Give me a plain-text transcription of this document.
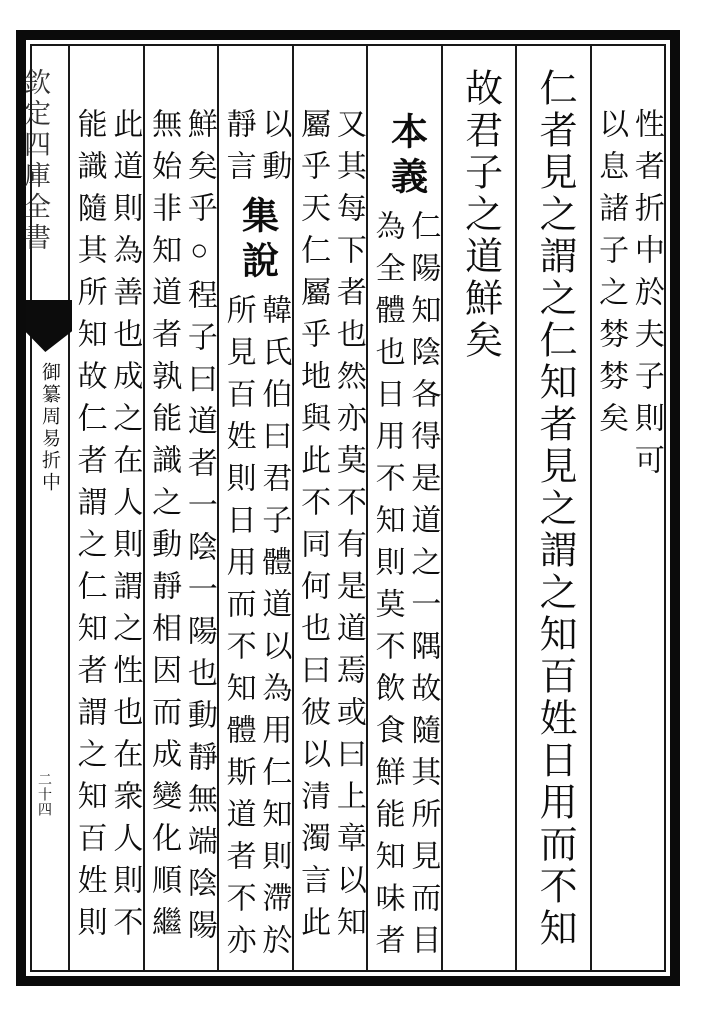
欽定四庫全書
御纂周易折中
二十四
性者折中於夫子則可
以息諸子之棼棼矣
仁者見之謂之仁知者見之謂之知百姓日用而不知
故君子之道鮮矣
本義
仁陽知陰各得是道之一隅故隨其所見而目
為全體也日用不知則莫不飲食鮮能知味者
又其每下者也然亦莫不有是道焉或曰上章以知
屬乎天仁屬乎地與此不同何也曰彼以清濁言此
以動
靜言
集說
韓氏伯曰君子體道以為用仁知則滯於
所見百姓則日用而不知體斯道者不亦
鮮矣乎○程子曰道者一陰一陽也動靜無端陰陽
無始非知道者孰能識之動靜相因而成變化順繼
此道則為善也成之在人則謂之性也在衆人則不
能識隨其所知故仁者謂之仁知者謂之知百姓則
